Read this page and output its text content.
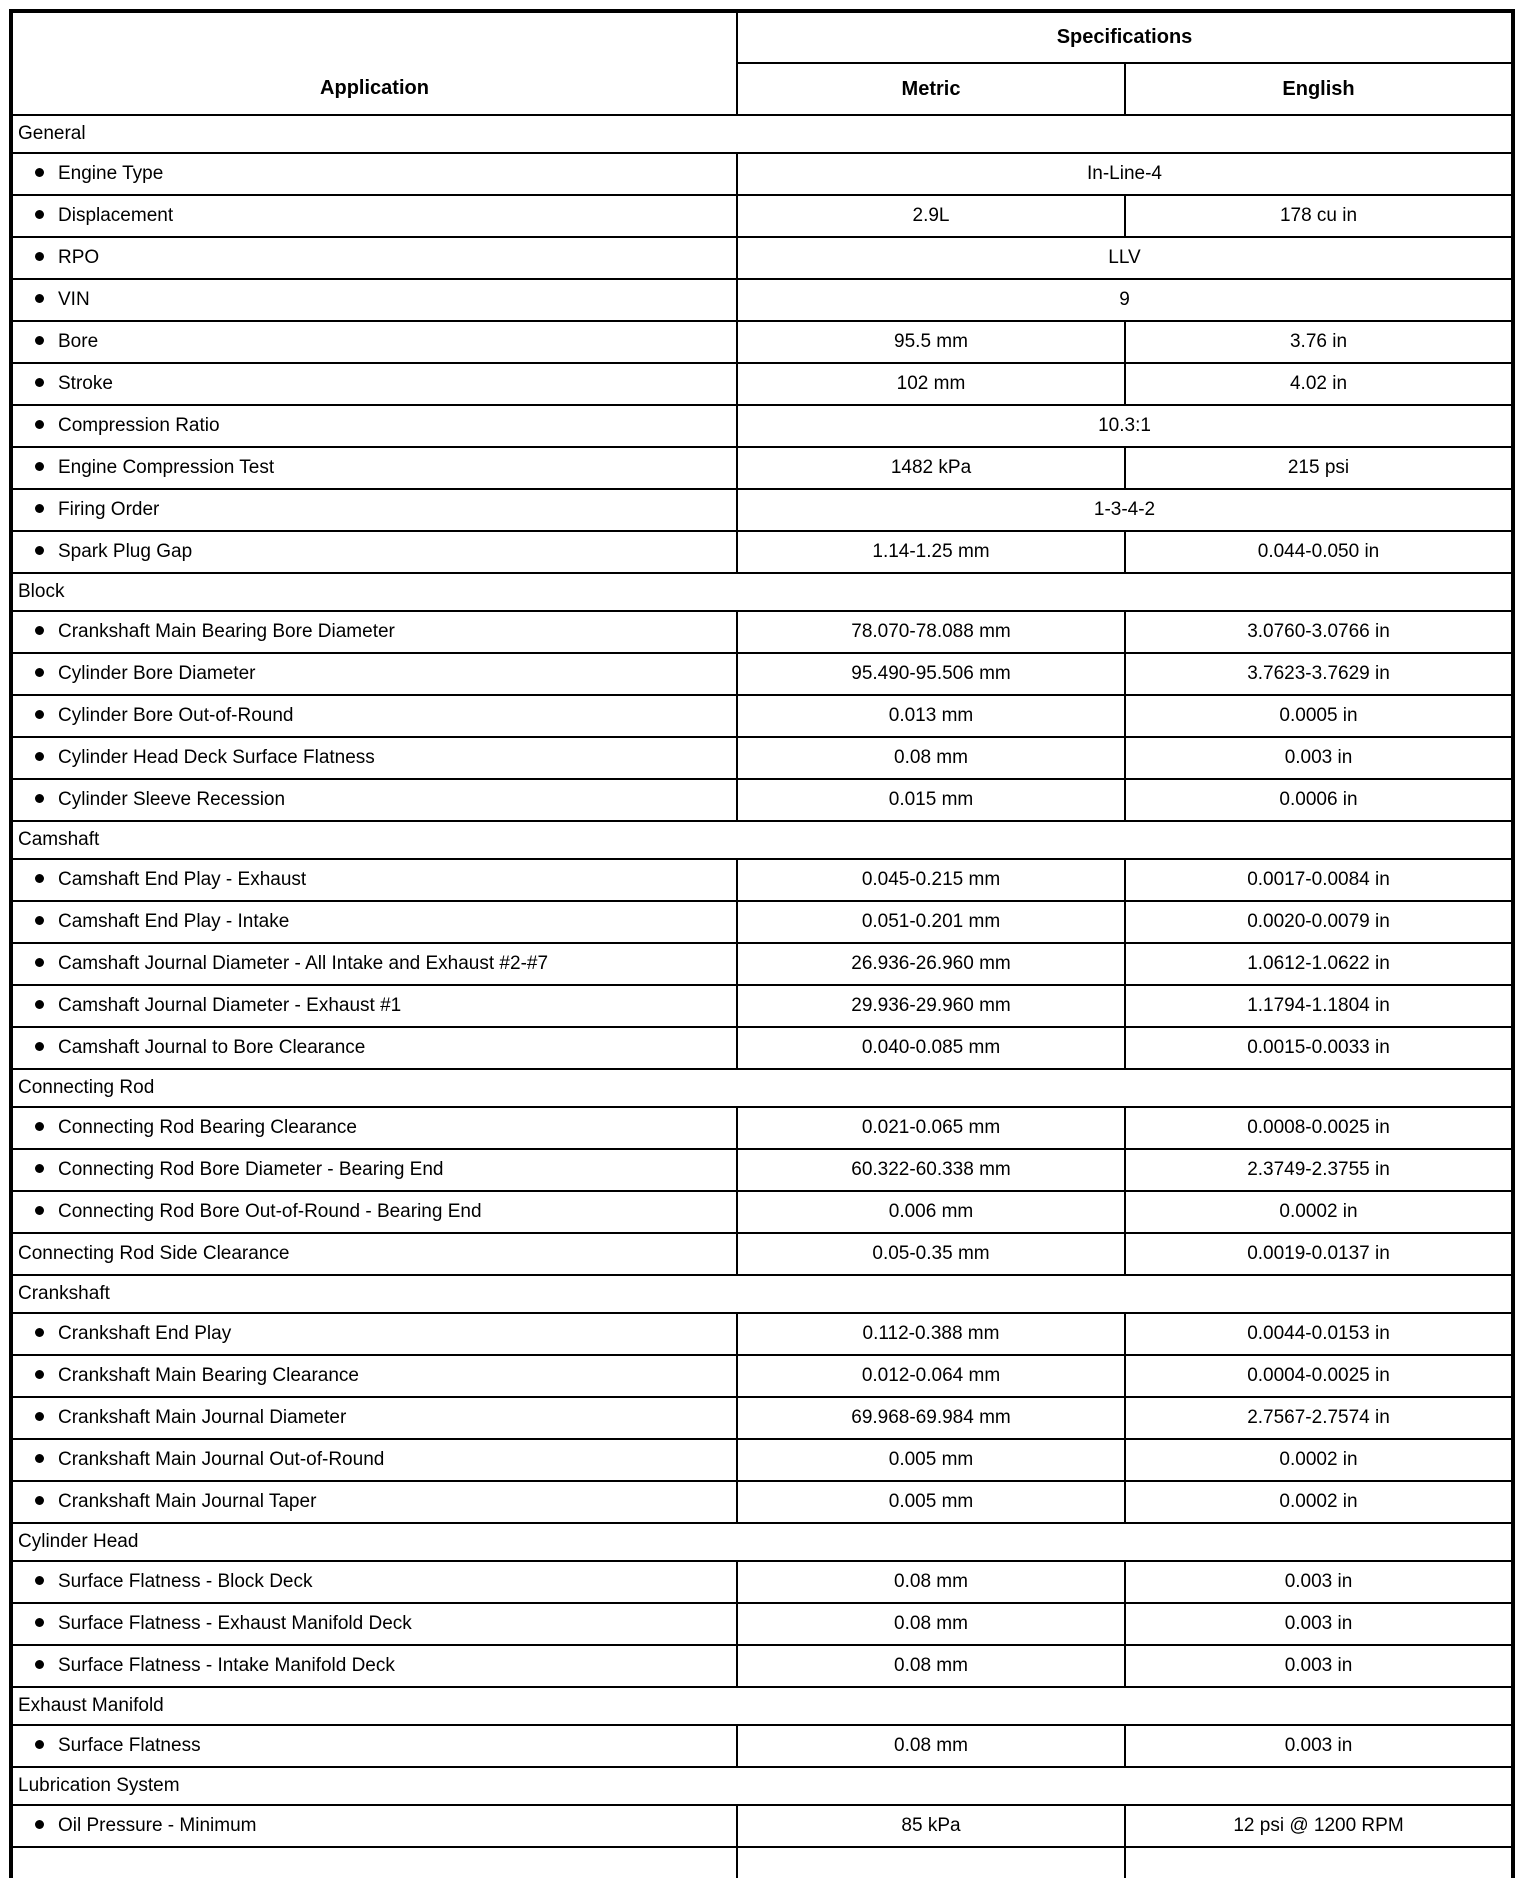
Application	Specifications	
	Metric	English
General		
Engine Type	In-Line-4	
Displacement	2.9L	178 cu in
RPO	LLV	
VIN	9	
Bore	95.5 mm	3.76 in
Stroke	102 mm	4.02 in
Compression Ratio	10.3:1	
Engine Compression Test	1482 kPa	215 psi
Firing Order	1-3-4-2	
Spark Plug Gap	1.14-1.25 mm	0.044-0.050 in
Block		
Crankshaft Main Bearing Bore Diameter	78.070-78.088 mm	3.0760-3.0766 in
Cylinder Bore Diameter	95.490-95.506 mm	3.7623-3.7629 in
Cylinder Bore Out-of-Round	0.013 mm	0.0005 in
Cylinder Head Deck Surface Flatness	0.08 mm	0.003 in
Cylinder Sleeve Recession	0.015 mm	0.0006 in
Camshaft		
Camshaft End Play - Exhaust	0.045-0.215 mm	0.0017-0.0084 in
Camshaft End Play - Intake	0.051-0.201 mm	0.0020-0.0079 in
Camshaft Journal Diameter - All Intake and Exhaust #2-#7	26.936-26.960 mm	1.0612-1.0622 in
Camshaft Journal Diameter - Exhaust #1	29.936-29.960 mm	1.1794-1.1804 in
Camshaft Journal to Bore Clearance	0.040-0.085 mm	0.0015-0.0033 in
Connecting Rod		
Connecting Rod Bearing Clearance	0.021-0.065 mm	0.0008-0.0025 in
Connecting Rod Bore Diameter - Bearing End	60.322-60.338 mm	2.3749-2.3755 in
Connecting Rod Bore Out-of-Round - Bearing End	0.006 mm	0.0002 in
Connecting Rod Side Clearance	0.05-0.35 mm	0.0019-0.0137 in
Crankshaft		
Crankshaft End Play	0.112-0.388 mm	0.0044-0.0153 in
Crankshaft Main Bearing Clearance	0.012-0.064 mm	0.0004-0.0025 in
Crankshaft Main Journal Diameter	69.968-69.984 mm	2.7567-2.7574 in
Crankshaft Main Journal Out-of-Round	0.005 mm	0.0002 in
Crankshaft Main Journal Taper	0.005 mm	0.0002 in
Cylinder Head		
Surface Flatness - Block Deck	0.08 mm	0.003 in
Surface Flatness - Exhaust Manifold Deck	0.08 mm	0.003 in
Surface Flatness - Intake Manifold Deck	0.08 mm	0.003 in
Exhaust Manifold		
Surface Flatness	0.08 mm	0.003 in
Lubrication System		
Oil Pressure - Minimum	85 kPa	12 psi @ 1200 RPM
